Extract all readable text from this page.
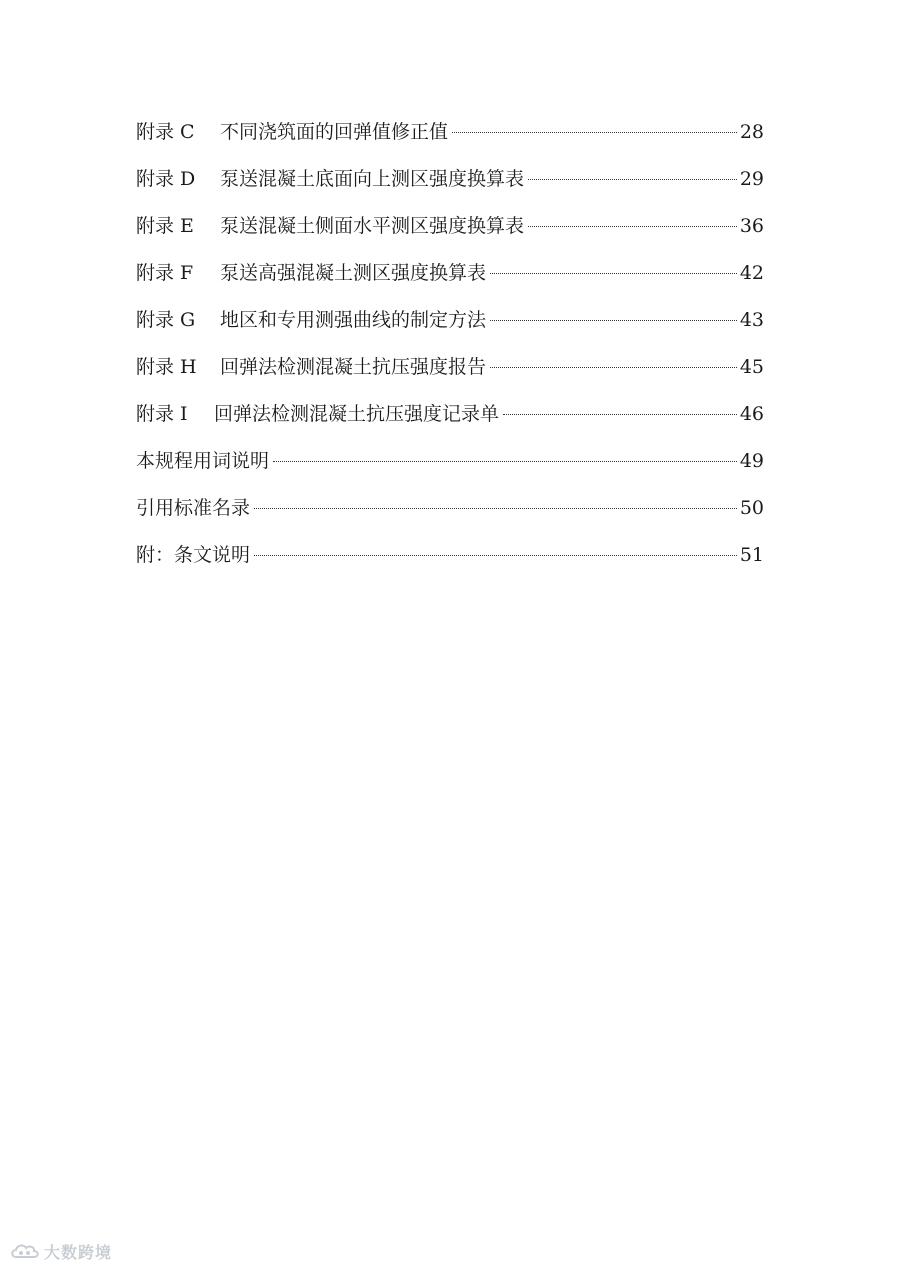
附录 C	不同浇筑面的回弹值修正值	28
附录 D	泵送混凝土底面向上测区强度换算表	29
附录 E	泵送混凝土侧面水平测区强度换算表	36
附录 F	泵送高强混凝土测区强度换算表	42
附录 G	地区和专用测强曲线的制定方法	43
附录 H	回弹法检测混凝土抗压强度报告	45
附录 I	回弹法检测混凝土抗压强度记录单	46
本规程用词说明	49
引用标准名录	50
附：条文说明	51
大数跨境
